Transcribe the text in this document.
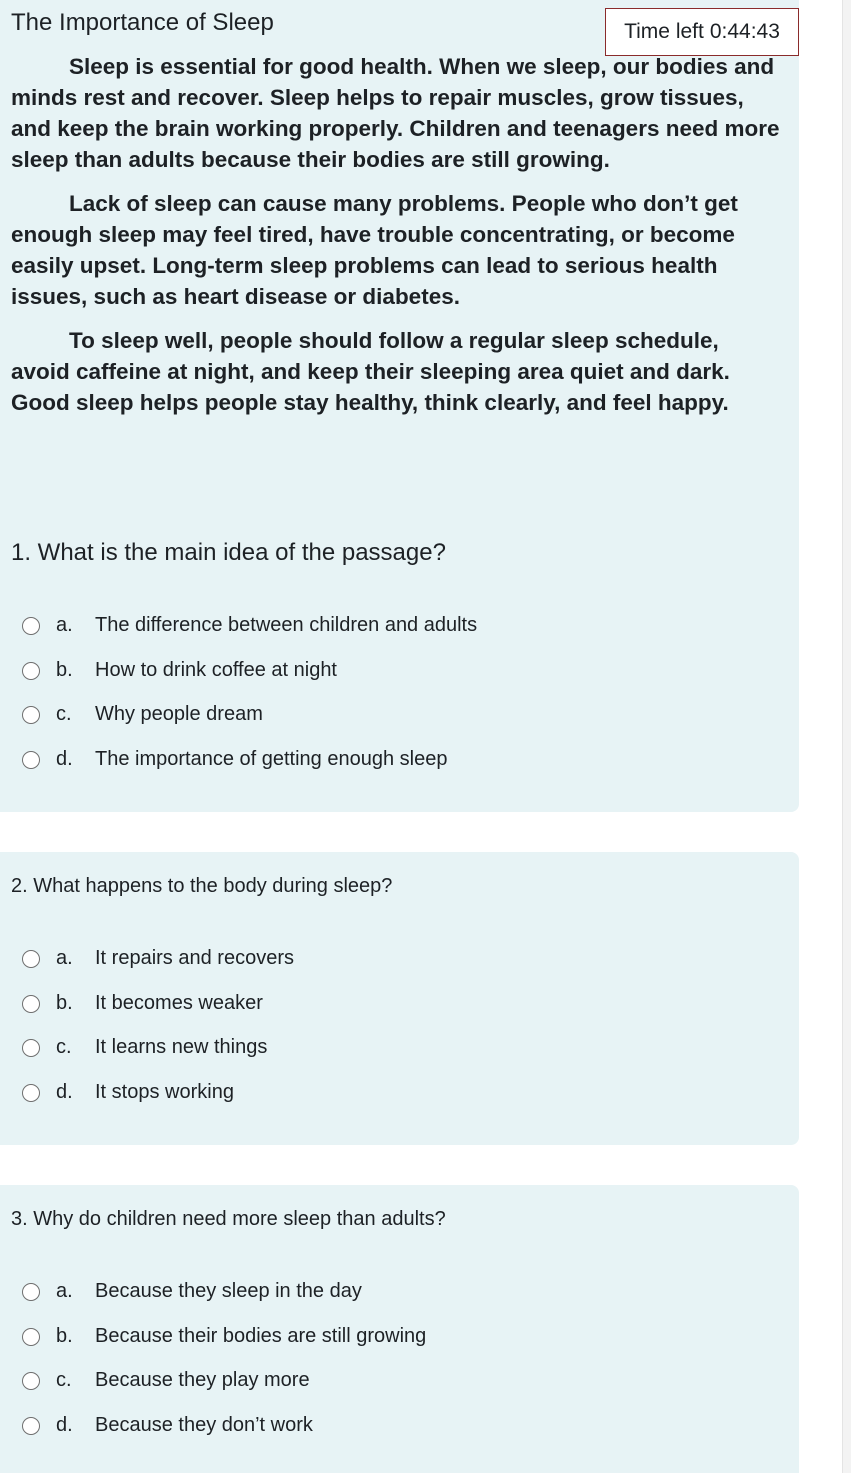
The Importance of Sleep	Time left 0:44:43

Sleep is essential for good health. When we sleep, our bodies and minds rest and recover. Sleep helps to repair muscles, grow tissues, and keep the brain working properly. Children and teenagers need more sleep than adults because their bodies are still growing.

Lack of sleep can cause many problems. People who don’t get enough sleep may feel tired, have trouble concentrating, or become easily upset. Long-term sleep problems can lead to serious health issues, such as heart disease or diabetes.

To sleep well, people should follow a regular sleep schedule, avoid caffeine at night, and keep their sleeping area quiet and dark. Good sleep helps people stay healthy, think clearly, and feel happy.

1. What is the main idea of the passage?
a.	The difference between children and adults
b.	How to drink coffee at night
c.	Why people dream
d.	The importance of getting enough sleep
2. What happens to the body during sleep?
a.	It repairs and recovers
b.	It becomes weaker
c.	It learns new things
d.	It stops working
3. Why do children need more sleep than adults?
a.	Because they sleep in the day
b.	Because their bodies are still growing
c.	Because they play more
d.	Because they don’t work
